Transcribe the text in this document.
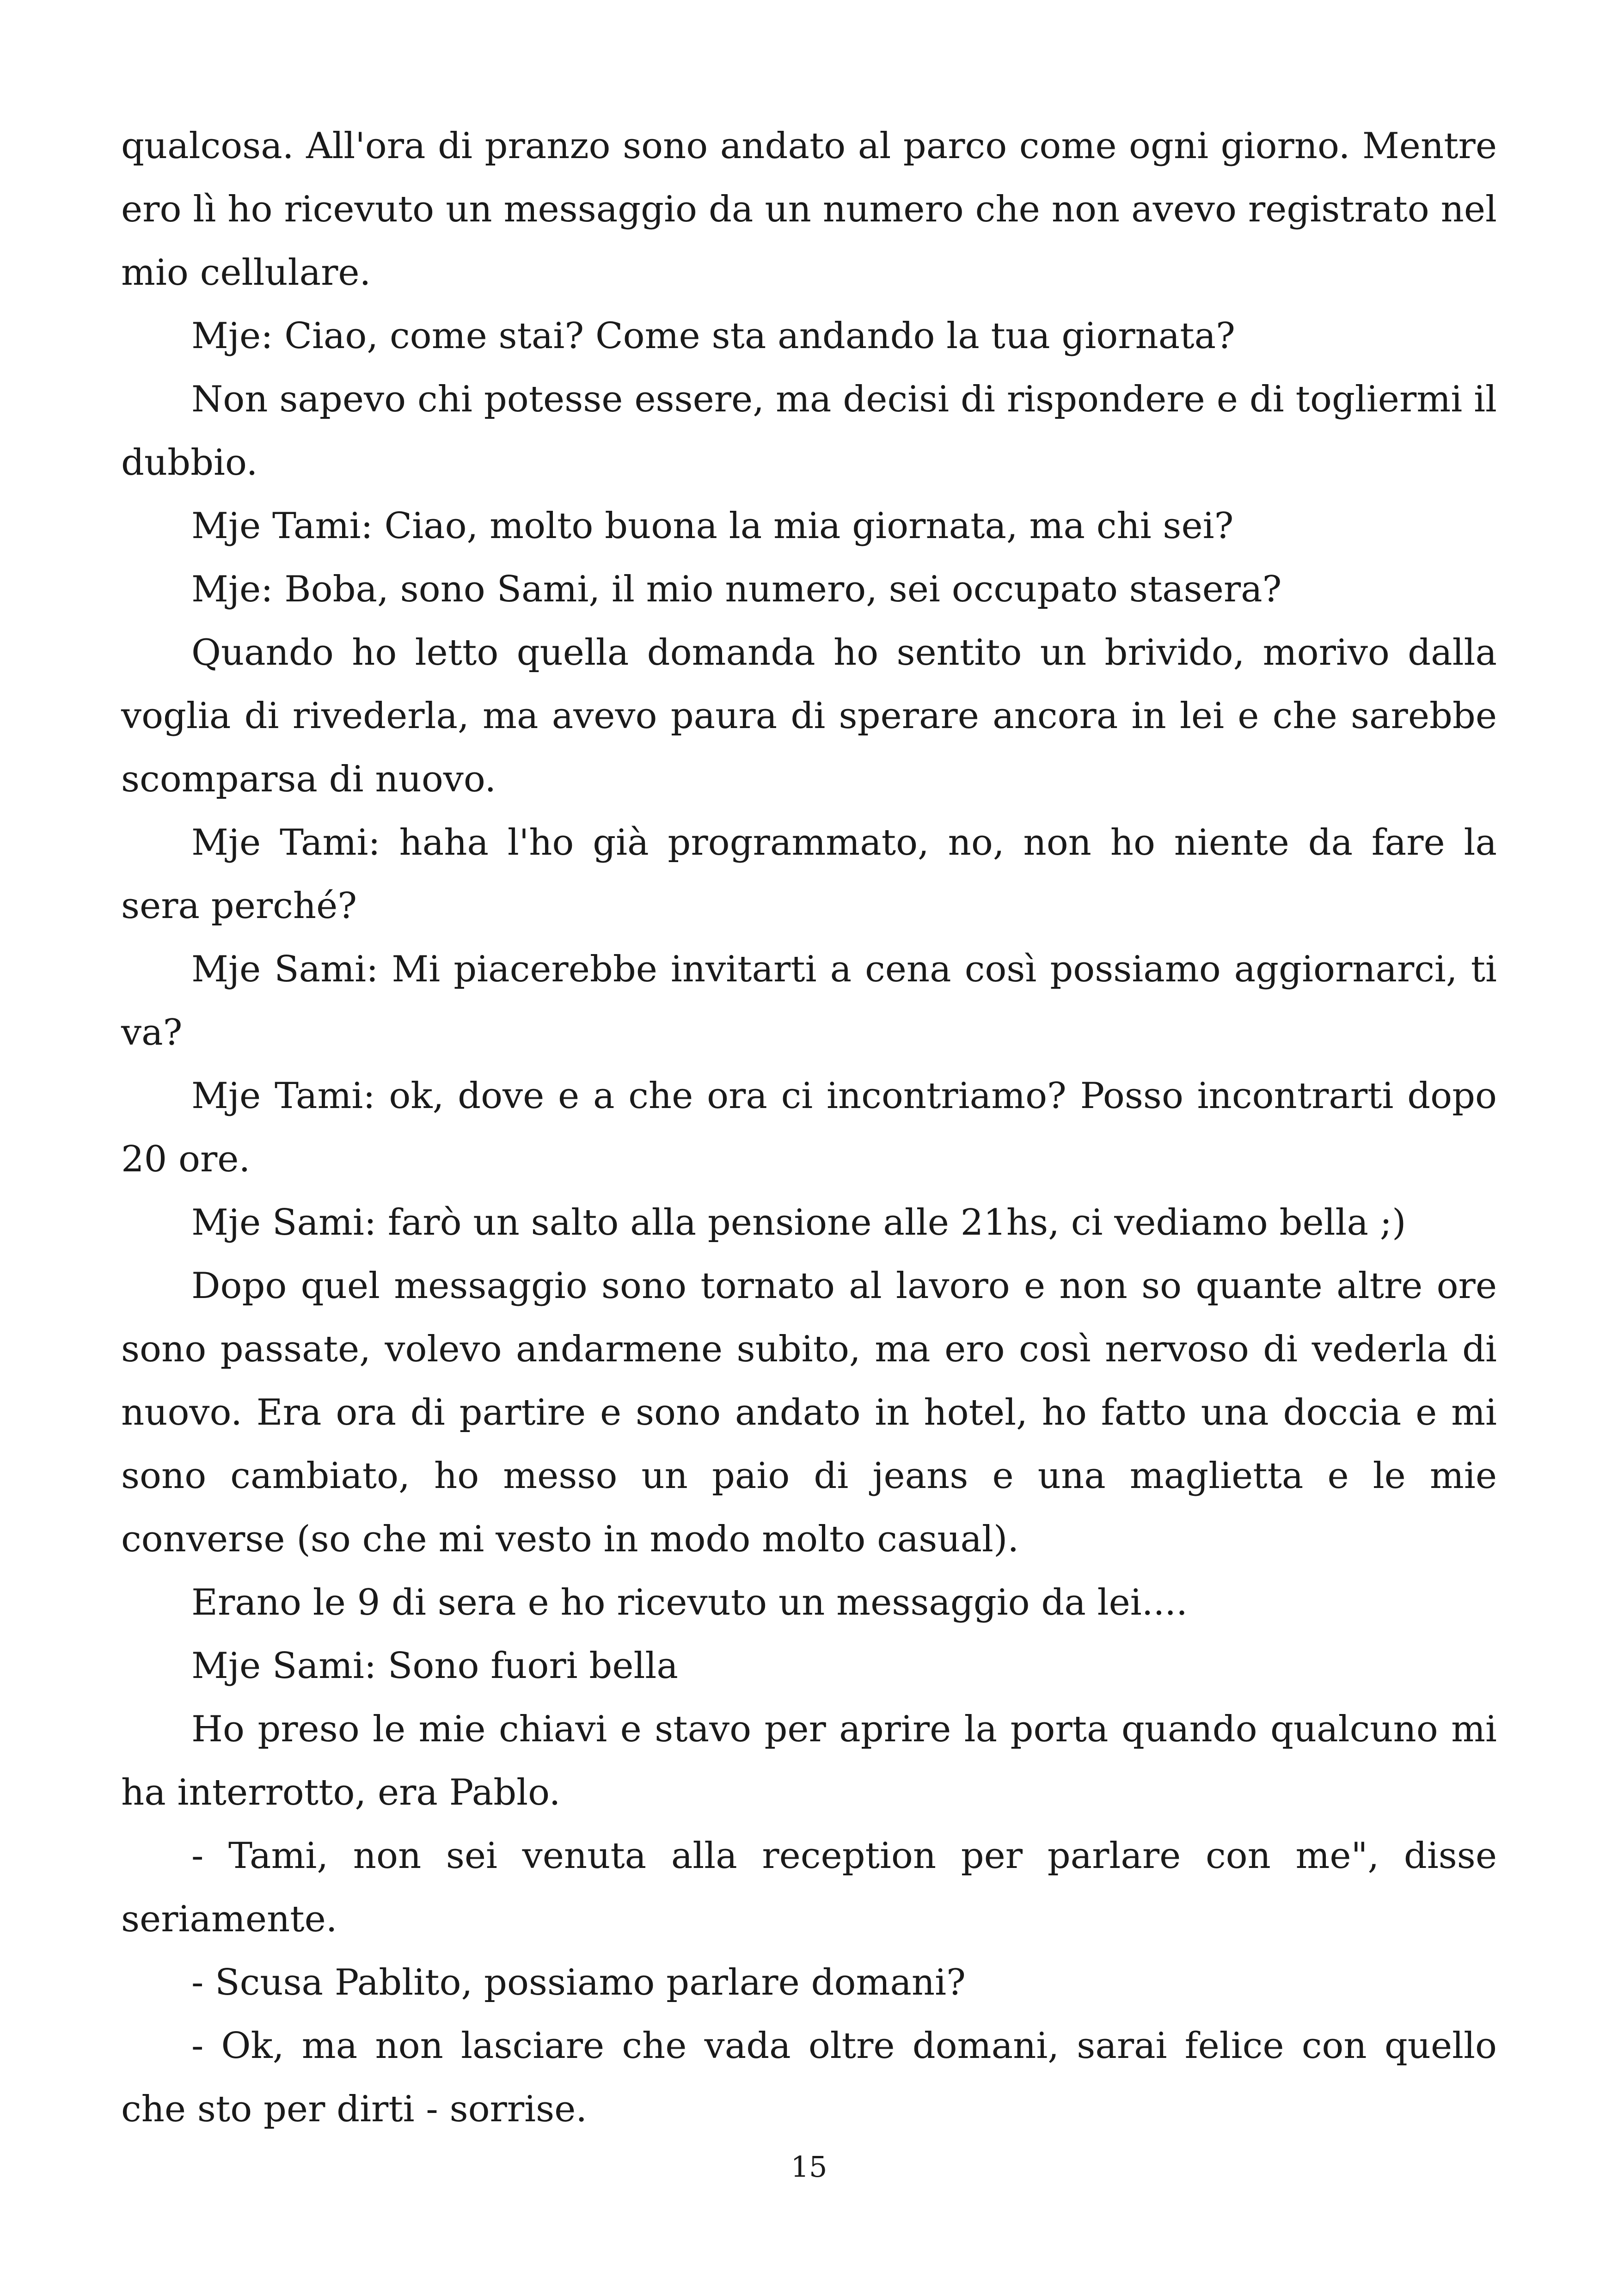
qualcosa. All'ora di pranzo sono andato al parco come ogni giorno. Mentre ero lì ho ricevuto un messaggio da un numero che non avevo registrato nel mio cellulare.

Mje: Ciao, come stai? Come sta andando la tua giornata?

Non sapevo chi potesse essere, ma decisi di rispondere e di togliermi il dubbio.

Mje Tami: Ciao, molto buona la mia giornata, ma chi sei?

Mje: Boba, sono Sami, il mio numero, sei occupato stasera?

Quando ho letto quella domanda ho sentito un brivido, morivo dalla voglia di rivederla, ma avevo paura di sperare ancora in lei e che sarebbe scomparsa di nuovo.

Mje Tami: haha l'ho già programmato, no, non ho niente da fare la sera perché?

Mje Sami: Mi piacerebbe invitarti a cena così possiamo aggiornarci, ti va?

Mje Tami: ok, dove e a che ora ci incontriamo? Posso incontrarti dopo 20 ore.

Mje Sami: farò un salto alla pensione alle 21hs, ci vediamo bella ;)

Dopo quel messaggio sono tornato al lavoro e non so quante altre ore sono passate, volevo andarmene subito, ma ero così nervoso di vederla di nuovo. Era ora di partire e sono andato in hotel, ho fatto una doccia e mi sono cambiato, ho messo un paio di jeans e una maglietta e le mie converse (so che mi vesto in modo molto casual).

Erano le 9 di sera e ho ricevuto un messaggio da lei....

Mje Sami: Sono fuori bella

Ho preso le mie chiavi e stavo per aprire la porta quando qualcuno mi ha interrotto, era Pablo.

- Tami, non sei venuta alla reception per parlare con me", disse seriamente.

- Scusa Pablito, possiamo parlare domani?

- Ok, ma non lasciare che vada oltre domani, sarai felice con quello che sto per dirti - sorrise.

15
